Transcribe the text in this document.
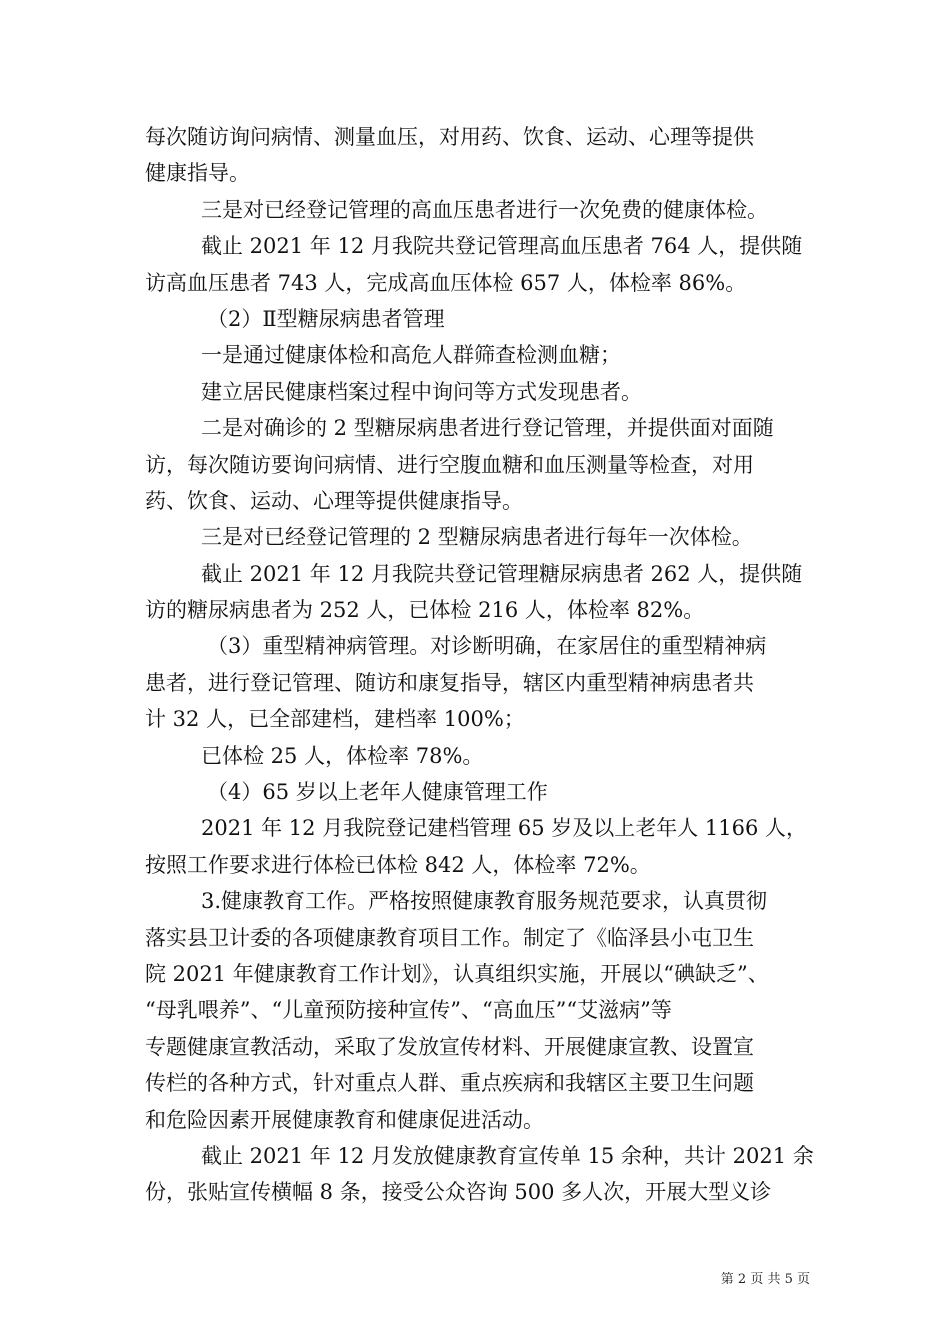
每次随访询问病情、测量血压，对用药、饮食、运动、心理等提供
健康指导。
三是对已经登记管理的高血压患者进行一次免费的健康体检。
截止 2021 年 12 月我院共登记管理高血压患者 764 人，提供随
访高血压患者 743 人，完成高血压体检 657 人，体检率 86%。
（2）Ⅱ型糖尿病患者管理
一是通过健康体检和高危人群筛查检测血糖；
建立居民健康档案过程中询问等方式发现患者。
二是对确诊的 2 型糖尿病患者进行登记管理，并提供面对面随
访，每次随访要询问病情、进行空腹血糖和血压测量等检查，对用
药、饮食、运动、心理等提供健康指导。
三是对已经登记管理的 2 型糖尿病患者进行每年一次体检。
截止 2021 年 12 月我院共登记管理糖尿病患者 262 人，提供随
访的糖尿病患者为 252 人，已体检 216 人，体检率 82%。
（3）重型精神病管理。对诊断明确，在家居住的重型精神病
患者，进行登记管理、随访和康复指导，辖区内重型精神病患者共
计 32 人，已全部建档，建档率 100%；
已体检 25 人，体检率 78%。
（4）65 岁以上老年人健康管理工作
2021 年 12 月我院登记建档管理 65 岁及以上老年人 1166 人，
按照工作要求进行体检已体检 842 人，体检率 72%。
3.健康教育工作。严格按照健康教育服务规范要求，认真贯彻
落实县卫计委的各项健康教育项目工作。制定了《临泽县小屯卫生
院 2021 年健康教育工作计划》，认真组织实施，开展以“碘缺乏”、
“母乳喂养”、“儿童预防接种宣传”、“高血压”“艾滋病”等
专题健康宣教活动，采取了发放宣传材料、开展健康宣教、设置宣
传栏的各种方式，针对重点人群、重点疾病和我辖区主要卫生问题
和危险因素开展健康教育和健康促进活动。
截止 2021 年 12 月发放健康教育宣传单 15 余种，共计 2021 余
份，张贴宣传横幅 8 条，接受公众咨询 500 多人次，开展大型义诊
第 2 页 共 5 页
